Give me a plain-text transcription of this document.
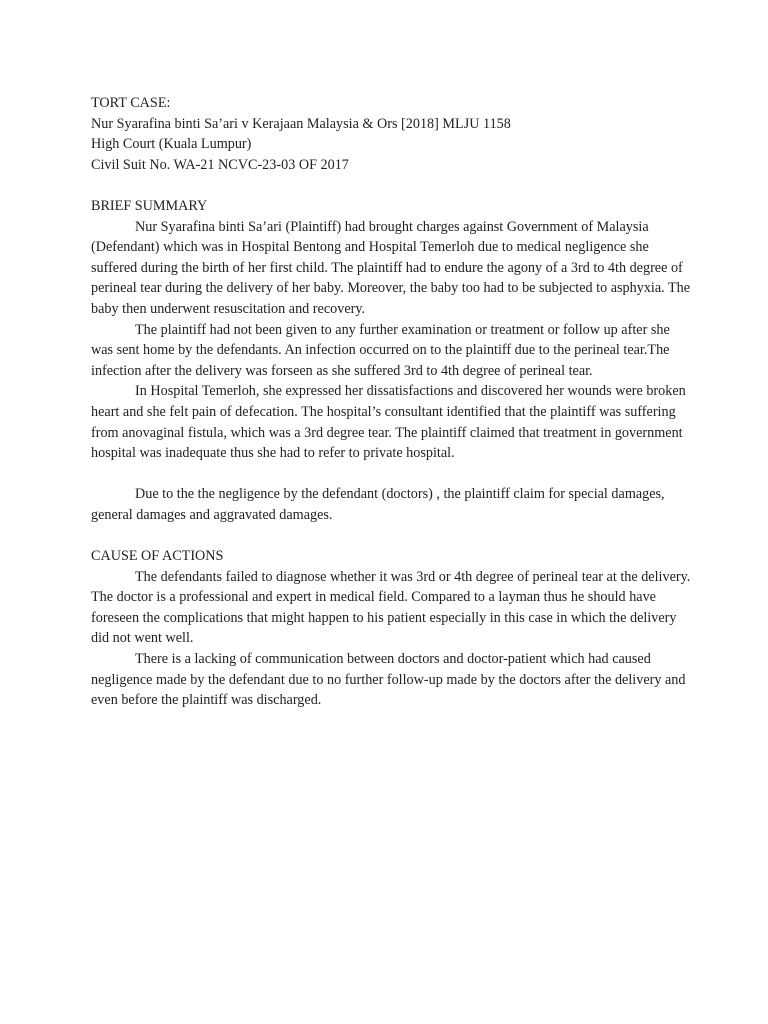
TORT CASE:

Nur Syarafina binti Sa’ari v Kerajaan Malaysia & Ors [2018] MLJU 1158

High Court (Kuala Lumpur)

Civil Suit No. WA-21 NCVC-23-03 OF 2017

BRIEF SUMMARY

Nur Syarafina binti Sa’ari (Plaintiff) had brought charges against Government of Malaysia (Defendant) which was in Hospital Bentong and Hospital Temerloh due to medical negligence she suffered during the birth of her first child. The plaintiff had to endure the agony of a 3rd to 4th degree of perineal tear during the delivery of her baby. Moreover, the baby too had to be subjected to asphyxia. The baby then underwent resuscitation and recovery.

The plaintiff had not been given to any further examination or treatment or follow up after she was sent home by the defendants. An infection occurred on to the plaintiff due to the perineal tear.The infection after the delivery was forseen as she suffered 3rd to 4th degree of perineal tear.

In Hospital Temerloh, she expressed her dissatisfactions and discovered her wounds were broken heart and she felt pain of defecation. The hospital’s consultant identified that the plaintiff was suffering from anovaginal fistula, which was a 3rd degree tear. The plaintiff claimed that treatment in government hospital was inadequate thus she had to refer to private hospital.

Due to the the negligence by the defendant (doctors) , the plaintiff claim for special damages, general damages and aggravated damages.

CAUSE OF ACTIONS

The defendants failed to diagnose whether it was 3rd or 4th degree of perineal tear at the delivery. The doctor is a professional and expert in medical field. Compared to a layman thus he should have foreseen the complications that might happen to his patient especially in this case in which the delivery did not went well.

There is a lacking of communication between doctors and doctor-patient which had caused negligence made by the defendant due to no further follow-up made by the doctors after the delivery and even before the plaintiff was discharged.
